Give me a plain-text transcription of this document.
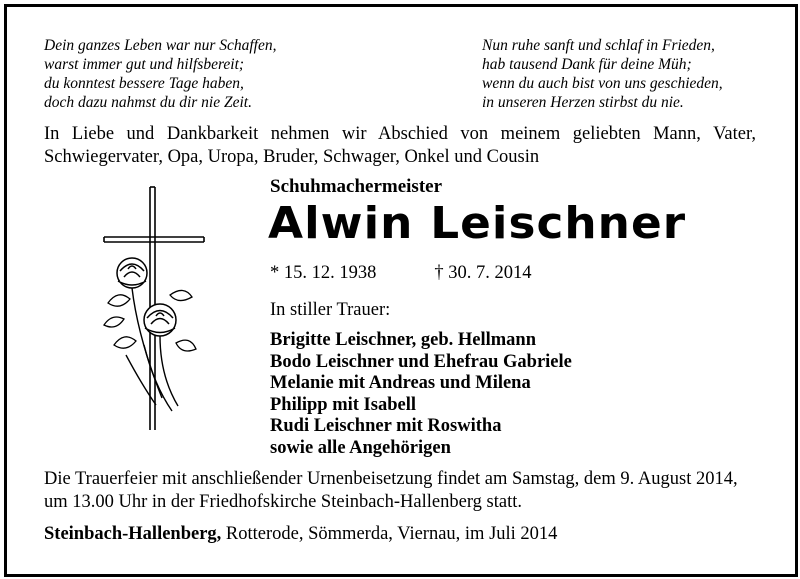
Dein ganzes Leben war nur Schaffen,
warst immer gut und hilfsbereit;
du konntest bessere Tage haben,
doch dazu nahmst du dir nie Zeit.
Nun ruhe sanft und schlaf in Frieden,
hab tausend Dank für deine Müh;
wenn du auch bist von uns geschieden,
in unseren Herzen stirbst du nie.
In Liebe und Dankbarkeit nehmen wir Abschied von meinem geliebten Mann, Vater,
Schwiegervater, Opa, Uropa, Bruder, Schwager, Onkel und Cousin
Schuhmachermeister
Alwin Leischner
* 15. 12. 1938	† 30. 7. 2014
In stiller Trauer:
Brigitte Leischner, geb. Hellmann
Bodo Leischner und Ehefrau Gabriele
Melanie mit Andreas und Milena
Philipp mit Isabell
Rudi Leischner mit Roswitha
sowie alle Angehörigen
Die Trauerfeier mit anschließender Urnenbeisetzung findet am Samstag, dem 9. August 2014,
um 13.00 Uhr in der Friedhofskirche Steinbach-Hallenberg statt.
Steinbach-Hallenberg, Rotterode, Sömmerda, Viernau, im Juli 2014
